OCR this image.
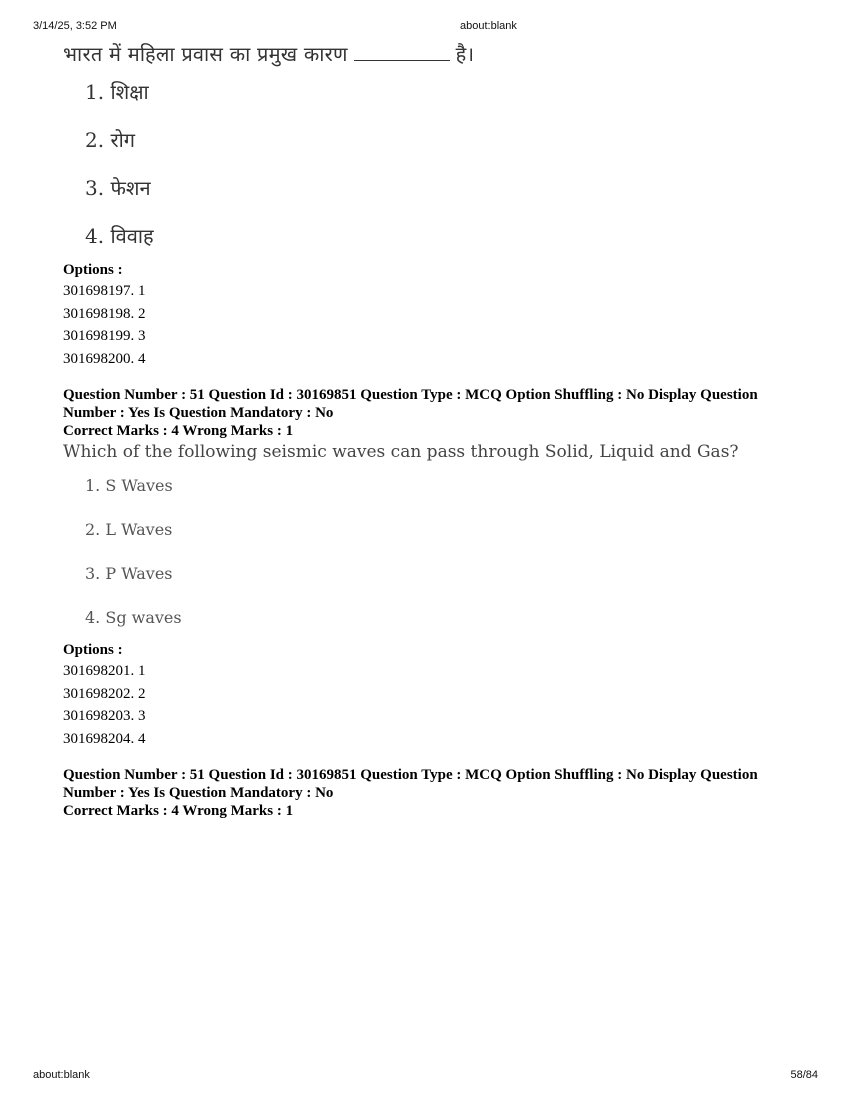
3/14/25, 3:52 PM	about:blank
भारत में महिला प्रवास का प्रमुख कारण	है।
1. शिक्षा
2. रोग
3. फेशन
4. विवाह
Options :
301698197. 1
301698198. 2
301698199. 3
301698200. 4
Question Number : 51 Question Id : 30169851 Question Type : MCQ Option Shuffling : No Display Question
Number : Yes Is Question Mandatory : No
Correct Marks : 4 Wrong Marks : 1
Which of the following seismic waves can pass through Solid, Liquid and Gas?
1. S Waves
2. L Waves
3. P Waves
4. Sg waves
Options :
301698201. 1
301698202. 2
301698203. 3
301698204. 4
Question Number : 51 Question Id : 30169851 Question Type : MCQ Option Shuffling : No Display Question
Number : Yes Is Question Mandatory : No
Correct Marks : 4 Wrong Marks : 1
about:blank	58/84
